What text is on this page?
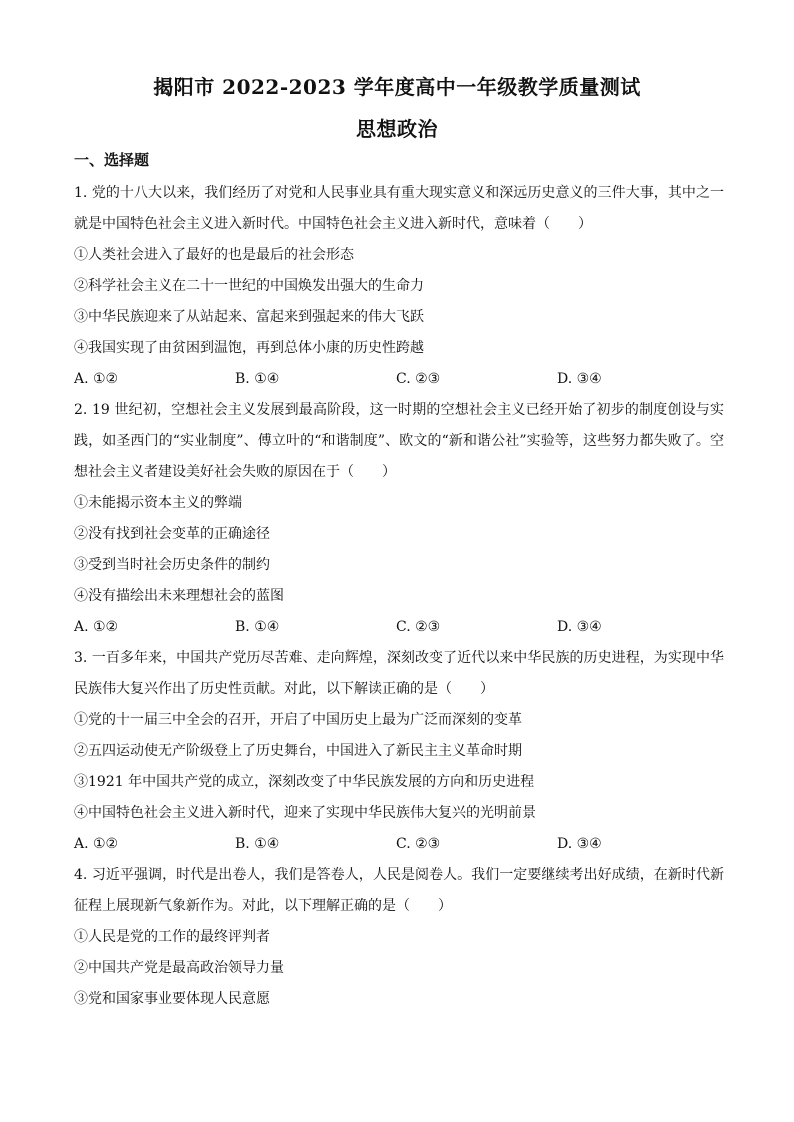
揭阳市 2022-2023 学年度高中一年级教学质量测试
思想政治
一、选择题

1. 党的十八大以来，我们经历了对党和人民事业具有重大现实意义和深远历史意义的三件大事，其中之一就是中国特色社会主义进入新时代。中国特色社会主义进入新时代，意味着（　　）

①人类社会进入了最好的也是最后的社会形态

②科学社会主义在二十一世纪的中国焕发出强大的生命力

③中华民族迎来了从站起来、富起来到强起来的伟大飞跃

④我国实现了由贫困到温饱，再到总体小康的历史性跨越

A. ①②	B. ①④	C. ②③	D. ③④

2. 19 世纪初，空想社会主义发展到最高阶段，这一时期的空想社会主义已经开始了初步的制度创设与实践，如圣西门的“实业制度”、傅立叶的“和谐制度”、欧文的“新和谐公社”实验等，这些努力都失败了。空想社会主义者建设美好社会失败的原因在于（　　）

①未能揭示资本主义的弊端

②没有找到社会变革的正确途径

③受到当时社会历史条件的制约

④没有描绘出未来理想社会的蓝图

A. ①②	B. ①④	C. ②③	D. ③④

3. 一百多年来，中国共产党历尽苦难、走向辉煌，深刻改变了近代以来中华民族的历史进程，为实现中华民族伟大复兴作出了历史性贡献。对此，以下解读正确的是（　　）

①党的十一届三中全会的召开，开启了中国历史上最为广泛而深刻的变革

②五四运动使无产阶级登上了历史舞台，中国进入了新民主主义革命时期

③1921 年中国共产党的成立，深刻改变了中华民族发展的方向和历史进程

④中国特色社会主义进入新时代，迎来了实现中华民族伟大复兴的光明前景

A. ①②	B. ①④	C. ②③	D. ③④

4. 习近平强调，时代是出卷人，我们是答卷人，人民是阅卷人。我们一定要继续考出好成绩，在新时代新征程上展现新气象新作为。对此，以下理解正确的是（　　）

①人民是党的工作的最终评判者

②中国共产党是最高政治领导力量

③党和国家事业要体现人民意愿
